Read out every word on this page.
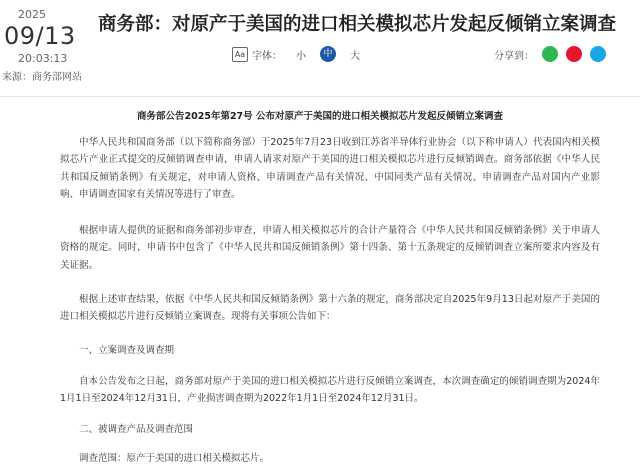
2025
09/13
20:03:13
来源：商务部网站
商务部：对原产于美国的进口相关模拟芯片发起反倾销立案调查
Aa 字体： 小	中	大	分享到：
商务部公告2025年第27号 公布对原产于美国的进口相关模拟芯片发起反倾销立案调查

中华人民共和国商务部（以下简称商务部）于2025年7月23日收到江苏省半导体行业协会（以下称申请人）代表国内相关模拟芯片产业正式提交的反倾销调查申请，申请人请求对原产于美国的进口相关模拟芯片进行反倾销调查。商务部依据《中华人民共和国反倾销条例》有关规定，对申请人资格、申请调查产品有关情况、中国同类产品有关情况、申请调查产品对国内产业影响、申请调查国家有关情况等进行了审查。

根据申请人提供的证据和商务部初步审查，申请人相关模拟芯片的合计产量符合《中华人民共和国反倾销条例》关于申请人资格的规定。同时，申请书中包含了《中华人民共和国反倾销条例》第十四条、第十五条规定的反倾销调查立案所要求内容及有关证据。

根据上述审查结果，依据《中华人民共和国反倾销条例》第十六条的规定，商务部决定自2025年9月13日起对原产于美国的进口相关模拟芯片进行反倾销立案调查。现将有关事项公告如下：

一、立案调查及调查期

自本公告发布之日起，商务部对原产于美国的进口相关模拟芯片进行反倾销立案调查，本次调查确定的倾销调查期为2024年1月1日至2024年12月31日，产业损害调查期为2022年1月1日至2024年12月31日。

二、被调查产品及调查范围

调查范围：原产于美国的进口相关模拟芯片。
